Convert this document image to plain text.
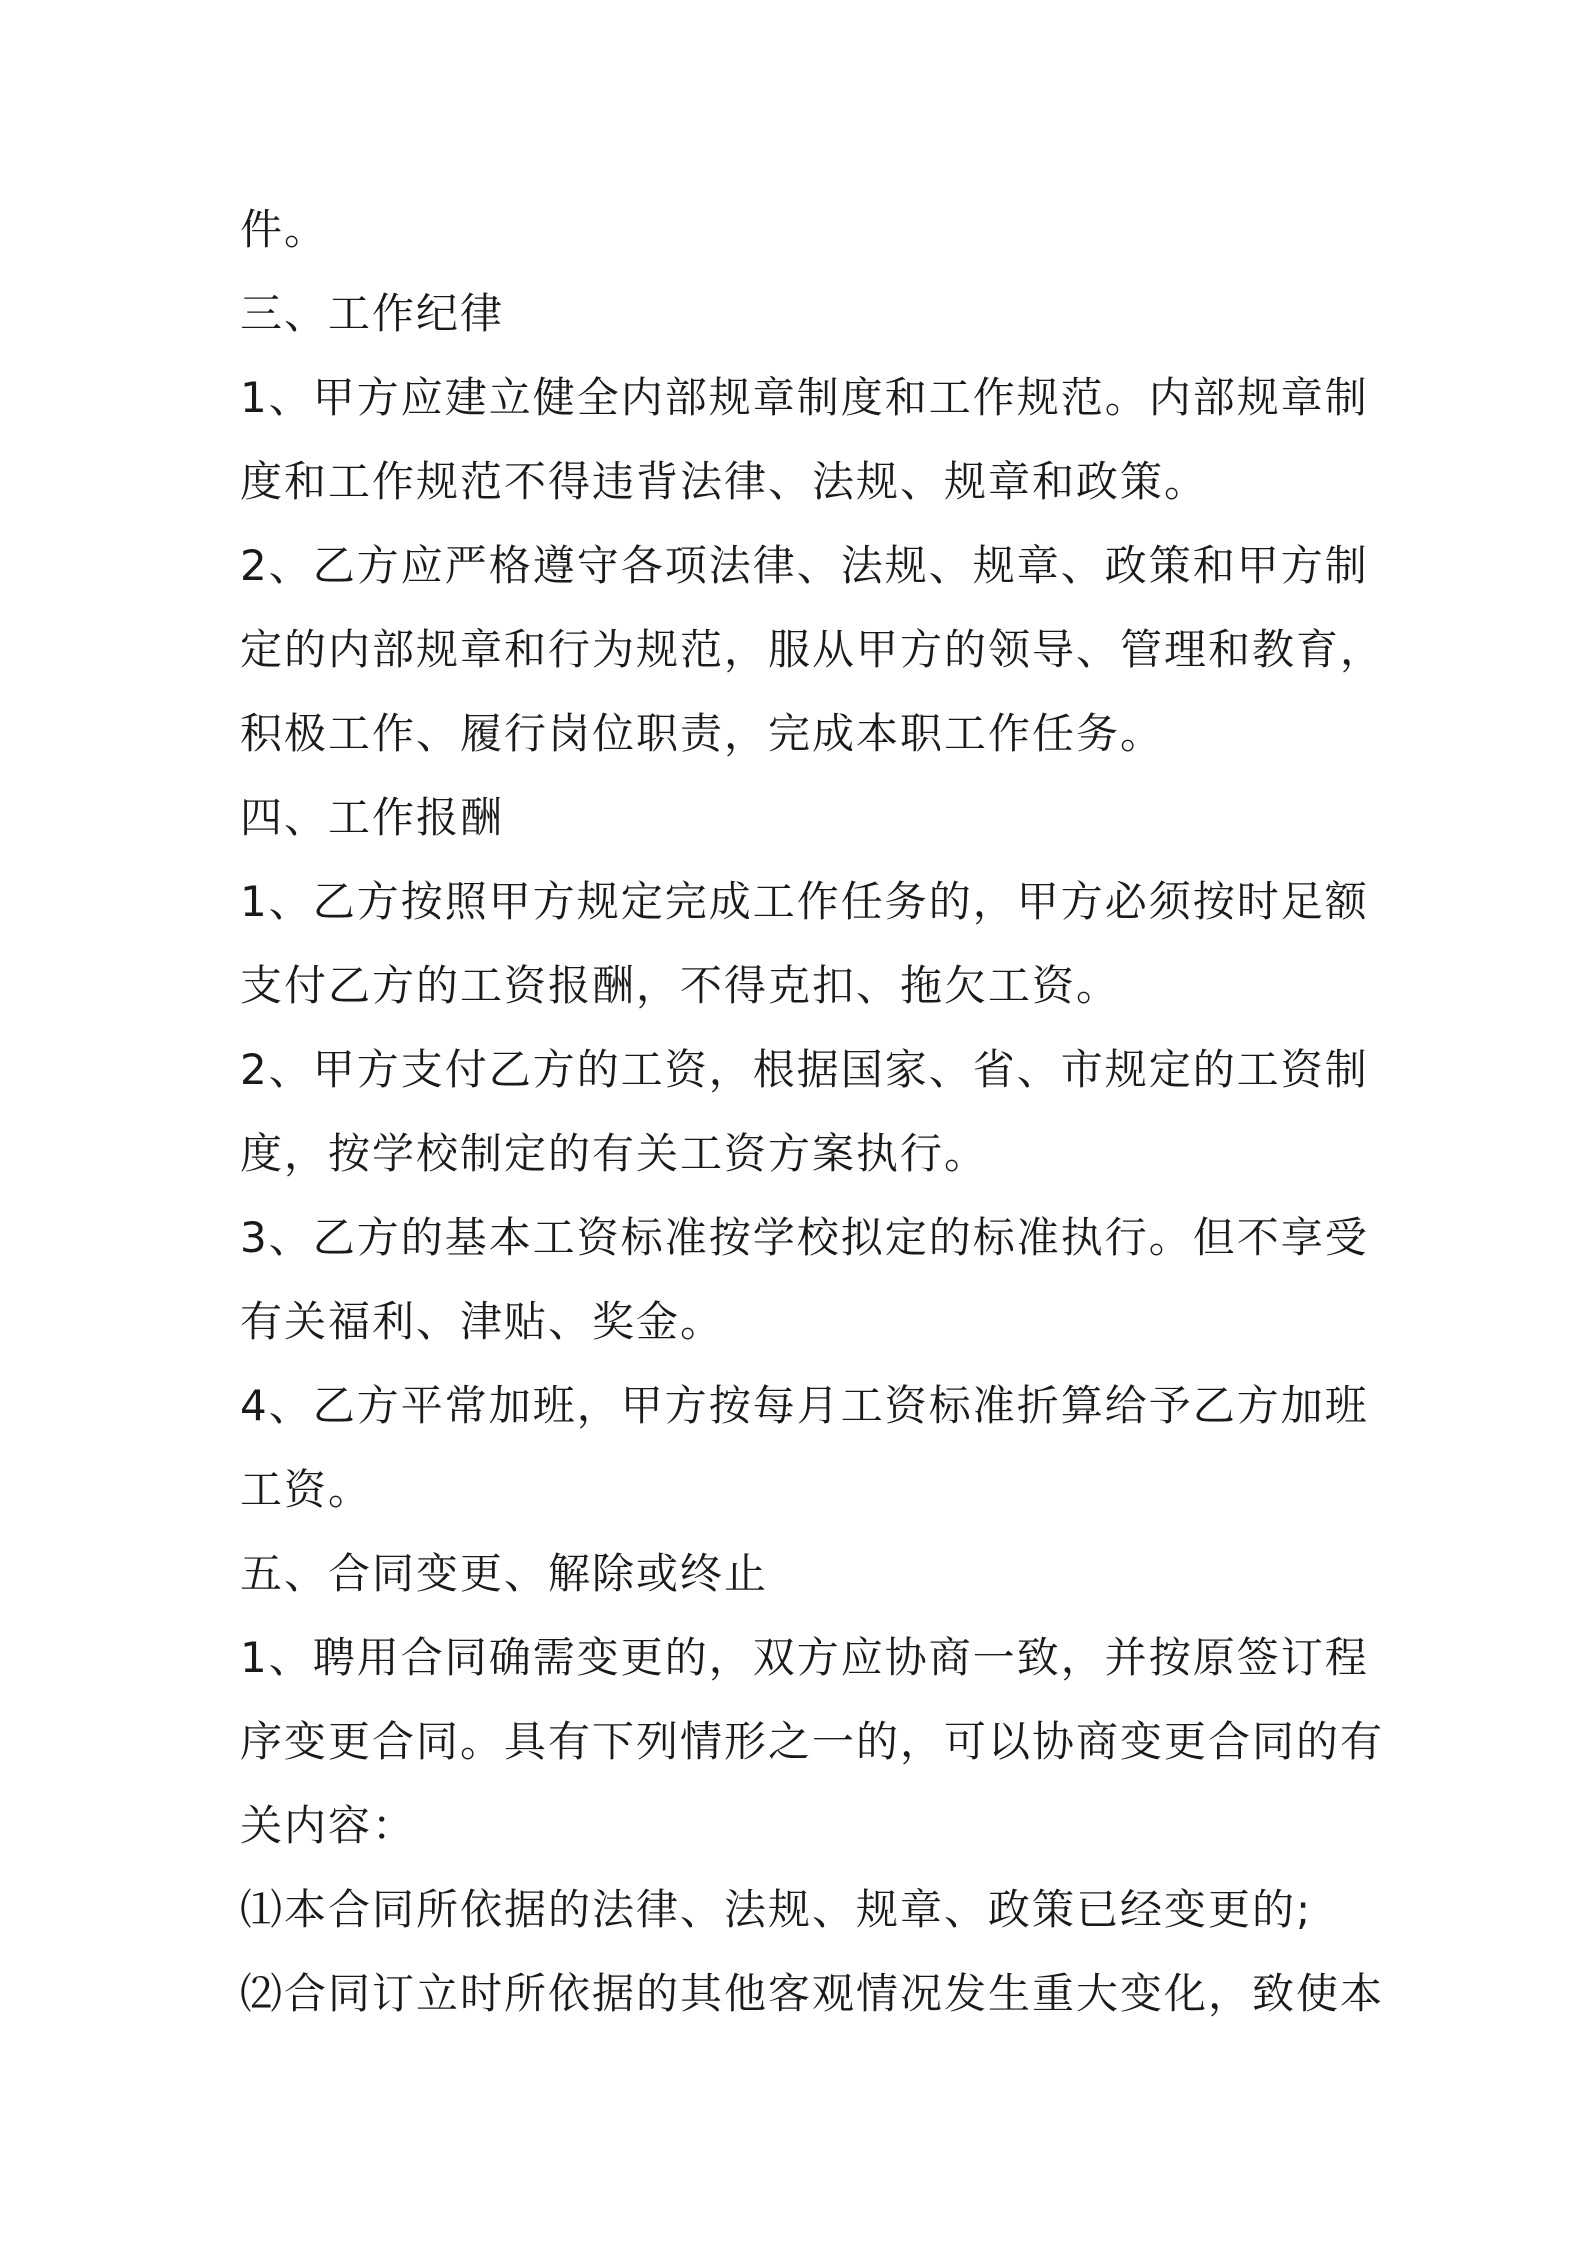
件。
三、工作纪律
1、甲方应建立健全内部规章制度和工作规范。内部规章制
度和工作规范不得违背法律、法规、规章和政策。
2、乙方应严格遵守各项法律、法规、规章、政策和甲方制
定的内部规章和行为规范，服从甲方的领导、管理和教育，
积极工作、履行岗位职责，完成本职工作任务。
四、工作报酬
1、乙方按照甲方规定完成工作任务的，甲方必须按时足额
支付乙方的工资报酬，不得克扣、拖欠工资。
2、甲方支付乙方的工资，根据国家、省、市规定的工资制
度，按学校制定的有关工资方案执行。
3、乙方的基本工资标准按学校拟定的标准执行。但不享受
有关福利、津贴、奖金。
4、乙方平常加班，甲方按每月工资标准折算给予乙方加班
工资。
五、合同变更、解除或终止
1、聘用合同确需变更的，双方应协商一致，并按原签订程
序变更合同。具有下列情形之一的，可以协商变更合同的有
关内容：
⑴本合同所依据的法律、法规、规章、政策已经变更的;
⑵合同订立时所依据的其他客观情况发生重大变化，致使本
